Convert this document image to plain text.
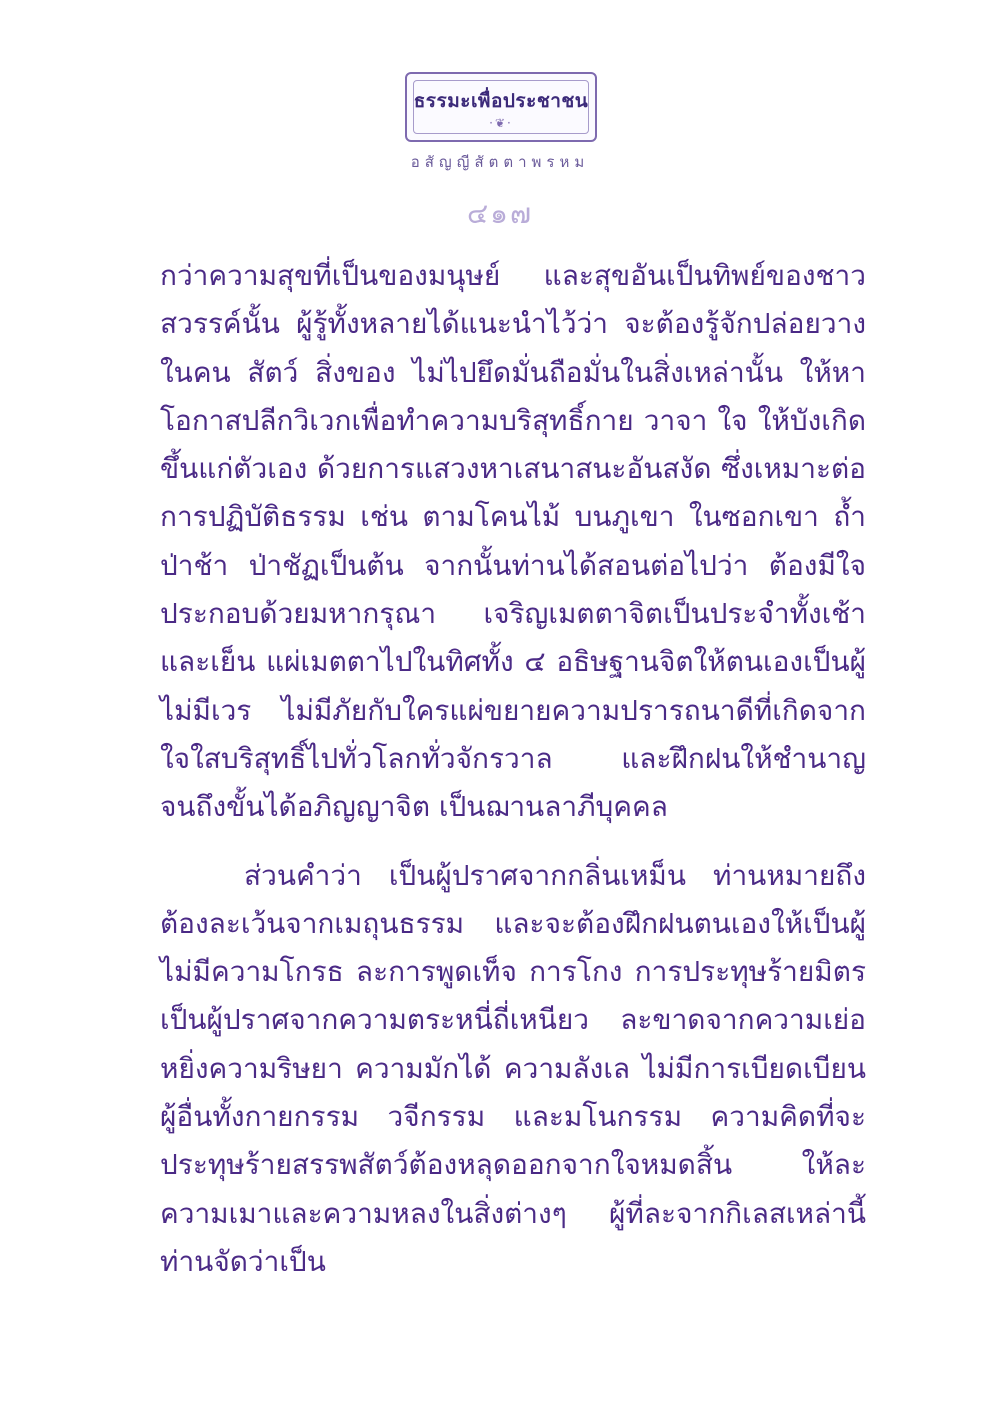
ธรรมะเพื่อประชาชน
·❦·
อสัญญีสัตตาพรหม
๔๑๗

กว่าความสุขที่เป็นของมนุษย์ และสุขอันเป็นทิพย์ของชาวสวรรค์นั้น ผู้รู้ทั้งหลายได้แนะนำไว้ว่า จะต้องรู้จักปล่อยวางในคน สัตว์ สิ่งของ ไม่ไปยึดมั่นถือมั่นในสิ่งเหล่านั้น ให้หาโอกาสปลีกวิเวกเพื่อทำความบริสุทธิ์กาย วาจา ใจ ให้บังเกิดขึ้นแก่ตัวเอง ด้วยการแสวงหาเสนาสนะอันสงัด ซึ่งเหมาะต่อการปฏิบัติธรรม เช่น ตามโคนไม้ บนภูเขา ในซอกเขา ถ้ำ ป่าช้า ป่าชัฏเป็นต้น จากนั้นท่านได้สอนต่อไปว่า ต้องมีใจประกอบด้วยมหากรุณา เจริญเมตตาจิตเป็นประจำทั้งเช้าและเย็น แผ่เมตตาไปในทิศทั้ง ๔ อธิษฐานจิตให้ตนเองเป็นผู้ไม่มีเวร ไม่มีภัยกับใครแผ่ขยายความปรารถนาดีที่เกิดจากใจใสบริสุทธิ์ไปทั่วโลกทั่วจักรวาล และฝึกฝนให้ชำนาญจนถึงขั้นได้อภิญญาจิต เป็นฌานลาภีบุคคล

ส่วนคำว่า เป็นผู้ปราศจากกลิ่นเหม็น ท่านหมายถึงต้องละเว้นจากเมถุนธรรม และจะต้องฝึกฝนตนเองให้เป็นผู้ไม่มีความโกรธ ละการพูดเท็จ การโกง การประทุษร้ายมิตรเป็นผู้ปราศจากความตระหนี่ถี่เหนียว ละขาดจากความเย่อหยิ่งความริษยา ความมักได้ ความลังเล ไม่มีการเบียดเบียนผู้อื่นทั้งกายกรรม วจีกรรม และมโนกรรม ความคิดที่จะประทุษร้ายสรรพสัตว์ต้องหลุดออกจากใจหมดสิ้น ให้ละความเมาและความหลงในสิ่งต่างๆ ผู้ที่ละจากกิเลสเหล่านี้ ท่านจัดว่าเป็น
